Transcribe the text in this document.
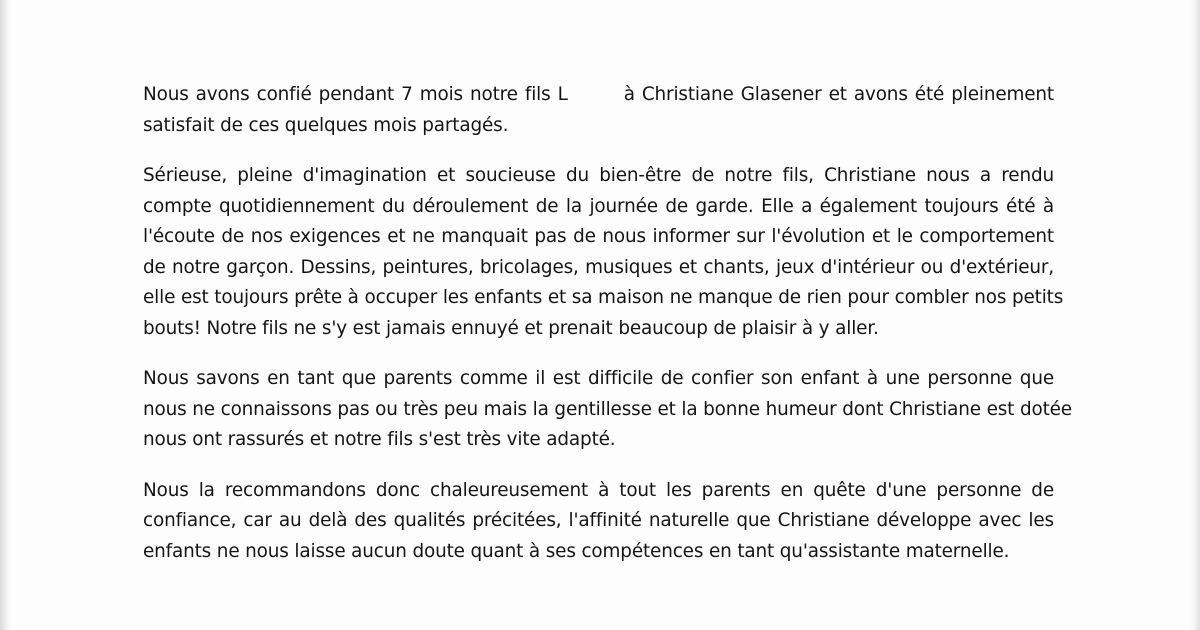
Nous avons confié pendant 7 mois notre fils L	à Christiane Glasener et avons été pleinement
satisfait de ces quelques mois partagés.

Sérieuse, pleine d'imagination et soucieuse du bien-être de notre fils, Christiane nous a rendu
compte quotidiennement du déroulement de la journée de garde. Elle a également toujours été à
l'écoute de nos exigences et ne manquait pas de nous informer sur l'évolution et le comportement
de notre garçon. Dessins, peintures, bricolages, musiques et chants, jeux d'intérieur ou d'extérieur,
elle est toujours prête à occuper les enfants et sa maison ne manque de rien pour combler nos petits
bouts! Notre fils ne s'y est jamais ennuyé et prenait beaucoup de plaisir à y aller.

Nous savons en tant que parents comme il est difficile de confier son enfant à une personne que
nous ne connaissons pas ou très peu mais la gentillesse et la bonne humeur dont Christiane est dotée
nous ont rassurés et notre fils s'est très vite adapté.

Nous la recommandons donc chaleureusement à tout les parents en quête d'une personne de
confiance, car au delà des qualités précitées, l'affinité naturelle que Christiane développe avec les
enfants ne nous laisse aucun doute quant à ses compétences en tant qu'assistante maternelle.
